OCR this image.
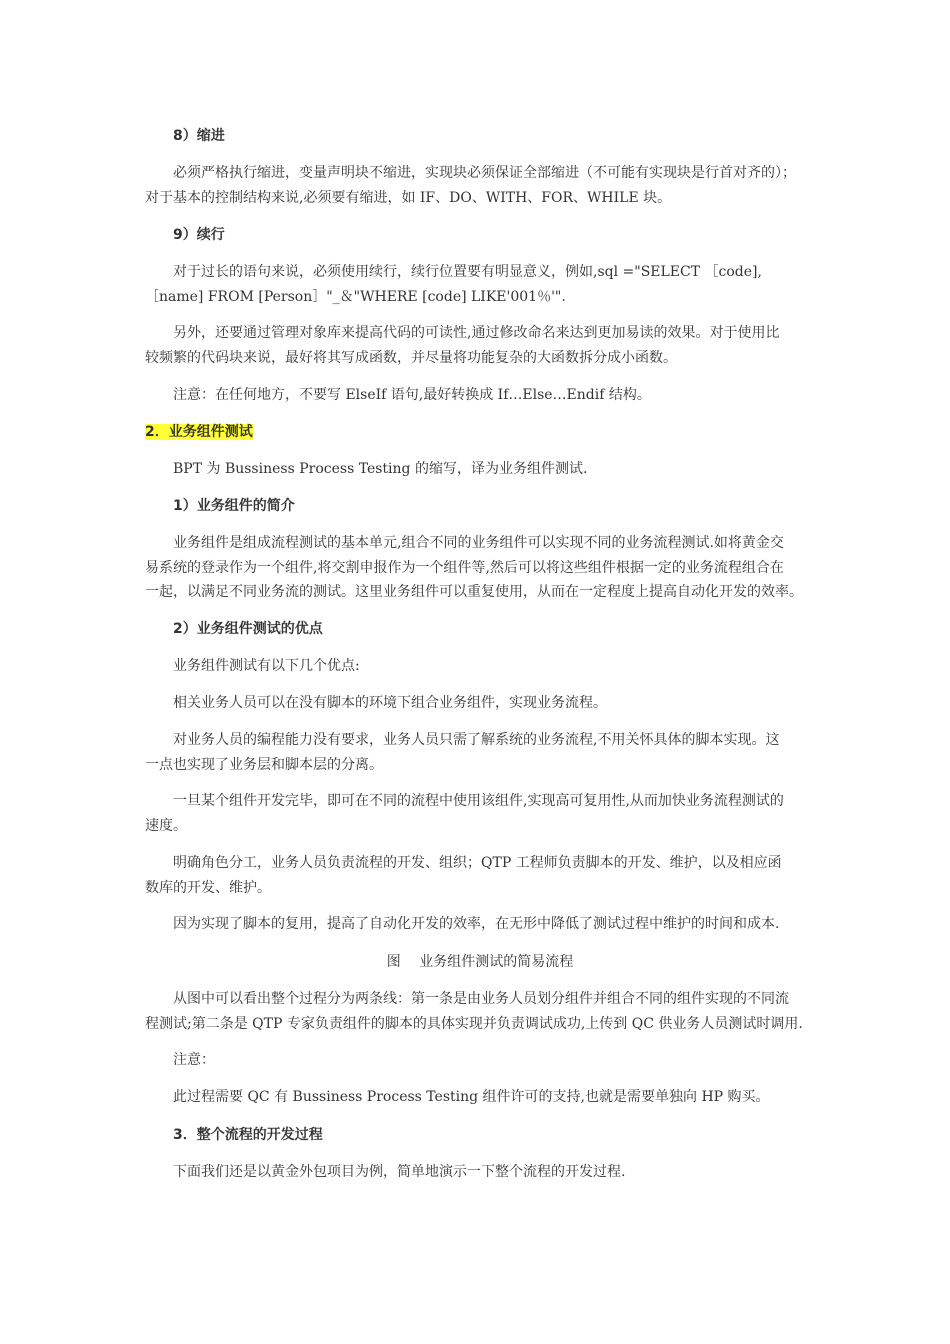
8）缩进

必须严格执行缩进，变量声明块不缩进，实现块必须保证全部缩进（不可能有实现块是行首对齐的）；
对于基本的控制结构来说,必须要有缩进，如 IF、DO、WITH、FOR、WHILE 块。

9）续行

对于过长的语句来说，必须使用续行，续行位置要有明显意义，例如,sql ="SELECT ［code],
［name] FROM [Person］"_＆"WHERE [code] LIKE'001％'".

另外，还要通过管理对象库来提高代码的可读性,通过修改命名来达到更加易读的效果。对于使用比
较频繁的代码块来说，最好将其写成函数，并尽量将功能复杂的大函数拆分成小函数。

注意：在任何地方，不要写 ElseIf 语句,最好转换成 If…Else…Endif 结构。

2．业务组件测试

BPT 为 Bussiness Process Testing 的缩写，译为业务组件测试.

1）业务组件的简介

业务组件是组成流程测试的基本单元,组合不同的业务组件可以实现不同的业务流程测试.如将黄金交
易系统的登录作为一个组件,将交割申报作为一个组件等,然后可以将这些组件根据一定的业务流程组合在
一起，以满足不同业务流的测试。这里业务组件可以重复使用，从而在一定程度上提高自动化开发的效率。

2）业务组件测试的优点

业务组件测试有以下几个优点:

相关业务人员可以在没有脚本的环境下组合业务组件，实现业务流程。

对业务人员的编程能力没有要求，业务人员只需了解系统的业务流程,不用关怀具体的脚本实现。这
一点也实现了业务层和脚本层的分离。

一旦某个组件开发完毕，即可在不同的流程中使用该组件,实现高可复用性,从而加快业务流程测试的
速度。

明确角色分工，业务人员负责流程的开发、组织；QTP 工程师负责脚本的开发、维护，以及相应函
数库的开发、维护。

因为实现了脚本的复用，提高了自动化开发的效率，在无形中降低了测试过程中维护的时间和成本.

图　 业务组件测试的简易流程

从图中可以看出整个过程分为两条线：第一条是由业务人员划分组件并组合不同的组件实现的不同流
程测试;第二条是 QTP 专家负责组件的脚本的具体实现并负责调试成功,上传到 QC 供业务人员测试时调用.

注意：

此过程需要 QC 有 Bussiness Process Testing 组件许可的支持,也就是需要单独向 HP 购买。

3．整个流程的开发过程

下面我们还是以黄金外包项目为例，简单地演示一下整个流程的开发过程.
